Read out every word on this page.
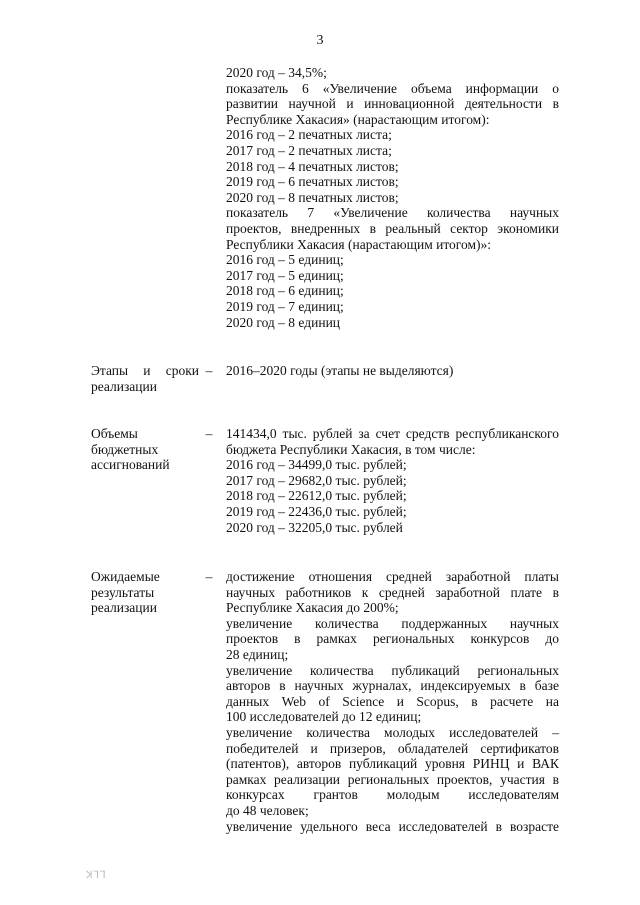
3
2020 год – 34,5%;
показатель 6 «Увеличение объема информации о
развитии научной и инновационной деятельности в
Республике Хакасия» (нарастающим итогом):
2016 год – 2 печатных листа;
2017 год – 2 печатных листа;
2018 год – 4 печатных листов;
2019 год – 6 печатных листов;
2020 год – 8 печатных листов;
показатель 7 «Увеличение количества научных
проектов, внедренных в реальный сектор экономики
Республики Хакасия (нарастающим итогом)»:
2016 год – 5 единиц;
2017 год – 5 единиц;
2018 год – 6 единиц;
2019 год – 7 единиц;
2020 год – 8 единиц
Этапы и сроки
реализации
– 2016–2020 годы (этапы не выделяются)
Объемы
бюджетных
ассигнований
– 141434,0 тыс. рублей за счет средств республиканского
бюджета Республики Хакасия, в том числе:
2016 год – 34499,0 тыс. рублей;
2017 год – 29682,0 тыс. рублей;
2018 год – 22612,0 тыс. рублей;
2019 год – 22436,0 тыс. рублей;
2020 год – 32205,0 тыс. рублей
Ожидаемые
результаты
реализации
– достижение отношения средней заработной платы
научных работников к средней заработной плате в
Республике Хакасия до 200%;
увеличение количества поддержанных научных
проектов в рамках региональных конкурсов до
28 единиц;
увеличение количества публикаций региональных
авторов в научных журналах, индексируемых в базе
данных Web of Science и Scopus, в расчете на
100 исследователей до 12 единиц;
увеличение количества молодых исследователей –
победителей и призеров, обладателей сертификатов
(патентов), авторов публикаций уровня РИНЦ и ВАК
рамках реализации региональных проектов, участия в
конкурсах грантов молодым исследователям
до 48 человек;
увеличение удельного веса исследователей в возрасте
ꓘ⅂⅂
